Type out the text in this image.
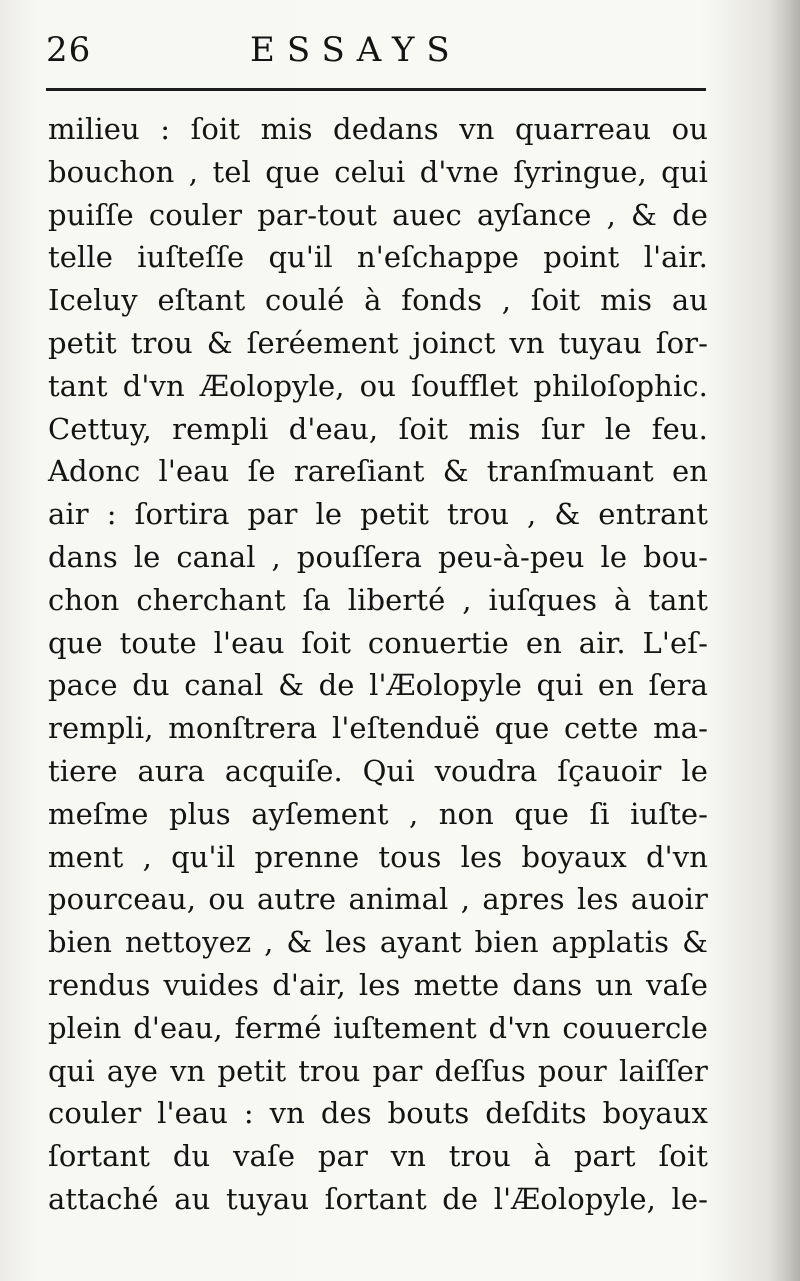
26	ESSAYS
milieu : ſoit mis dedans vn quarreau ou
bouchon , tel que celui d'vne ſyringue, qui
puiſſe couler par-tout auec ayſance , & de
telle iuſteſſe qu'il n'eſchappe point l'air.
Iceluy eſtant coulé à fonds , ſoit mis au
petit trou & ſeréement joinct vn tuyau ſor-
tant d'vn Æolopyle, ou ſoufflet philoſophic.
Cettuy, rempli d'eau, ſoit mis ſur le feu.
Adonc l'eau ſe rareſiant & tranſmuant en
air : ſortira par le petit trou , & entrant
dans le canal , pouſſera peu-à-peu le bou-
chon cherchant ſa liberté , iuſques à tant
que toute l'eau ſoit conuertie en air. L'eſ-
pace du canal & de l'Æolopyle qui en ſera
rempli, monſtrera l'eſtenduë que cette ma-
tiere aura acquiſe. Qui voudra ſçauoir le
meſme plus ayſement , non que ſi iuſte-
ment , qu'il prenne tous les boyaux d'vn
pourceau, ou autre animal , apres les auoir
bien nettoyez , & les ayant bien applatis &
rendus vuides d'air, les mette dans un vaſe
plein d'eau, fermé iuſtement d'vn couuercle
qui aye vn petit trou par deſſus pour laiſſer
couler l'eau : vn des bouts deſdits boyaux
ſortant du vaſe par vn trou à part ſoit
attaché au tuyau ſortant de l'Æolopyle, le-
